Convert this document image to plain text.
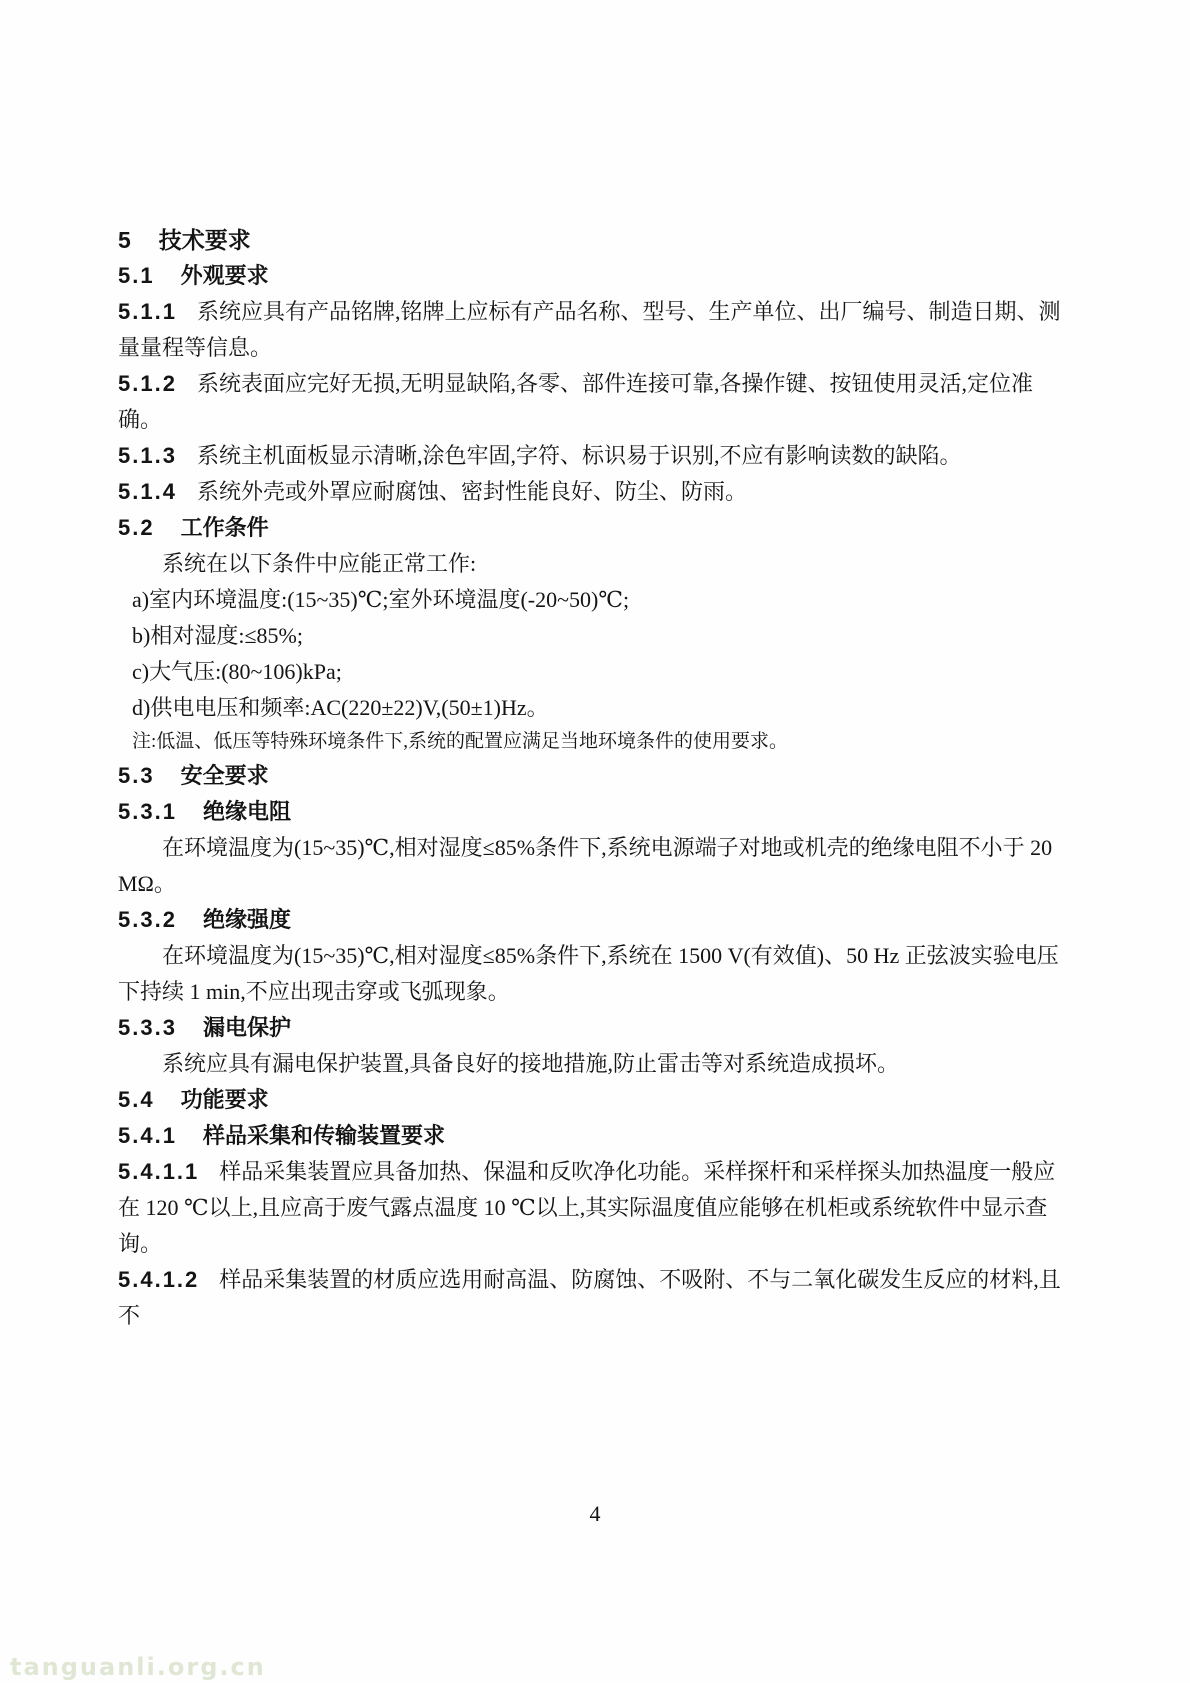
5 技术要求
5.1 外观要求

5.1.1 系统应具有产品铭牌,铭牌上应标有产品名称、型号、生产单位、出厂编号、制造日期、测量量程等信息。

5.1.2 系统表面应完好无损,无明显缺陷,各零、部件连接可靠,各操作键、按钮使用灵活,定位准确。

5.1.3 系统主机面板显示清晰,涂色牢固,字符、标识易于识别,不应有影响读数的缺陷。

5.1.4 系统外壳或外罩应耐腐蚀、密封性能良好、防尘、防雨。

5.2 工作条件

系统在以下条件中应能正常工作:

a)室内环境温度:(15~35)℃;室外环境温度(-20~50)℃;

b)相对湿度:≤85%;

c)大气压:(80~106)kPa;

d)供电电压和频率:AC(220±22)V,(50±1)Hz。

注:低温、低压等特殊环境条件下,系统的配置应满足当地环境条件的使用要求。

5.3 安全要求
5.3.1 绝缘电阻

在环境温度为(15~35)℃,相对湿度≤85%条件下,系统电源端子对地或机壳的绝缘电阻不小于 20 MΩ。

5.3.2 绝缘强度

在环境温度为(15~35)℃,相对湿度≤85%条件下,系统在 1500 V(有效值)、50 Hz 正弦波实验电压下持续 1 min,不应出现击穿或飞弧现象。

5.3.3 漏电保护

系统应具有漏电保护装置,具备良好的接地措施,防止雷击等对系统造成损坏。

5.4 功能要求
5.4.1 样品采集和传输装置要求

5.4.1.1 样品采集装置应具备加热、保温和反吹净化功能。采样探杆和采样探头加热温度一般应在 120 ℃以上,且应高于废气露点温度 10 ℃以上,其实际温度值应能够在机柜或系统软件中显示查询。

5.4.1.2 样品采集装置的材质应选用耐高温、防腐蚀、不吸附、不与二氧化碳发生反应的材料,且不

4
tanguanli.org.cn
